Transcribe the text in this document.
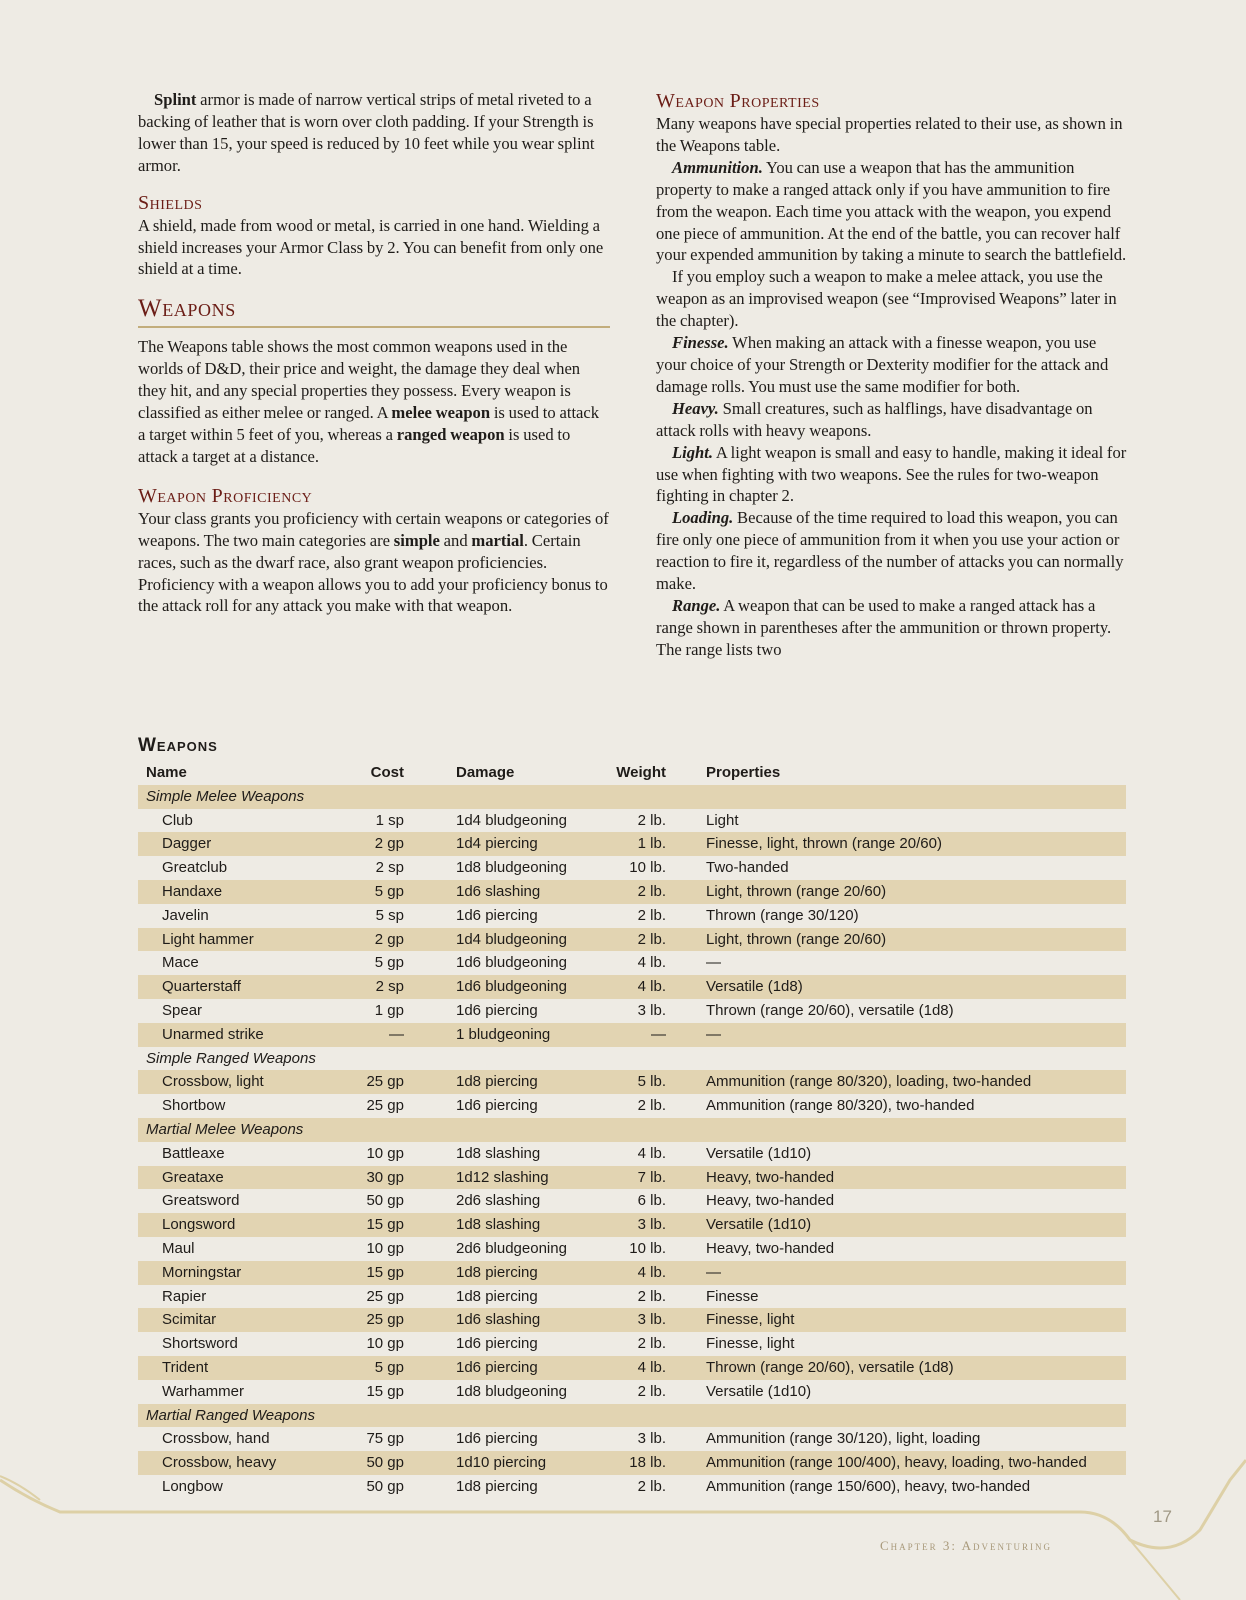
Splint armor is made of narrow vertical strips of metal riveted to a backing of leather that is worn over cloth padding. If your Strength is lower than 15, your speed is reduced by 10 feet while you wear splint armor.

Shields

A shield, made from wood or metal, is carried in one hand. Wielding a shield increases your Armor Class by 2. You can benefit from only one shield at a time.

Weapons

The Weapons table shows the most common weapons used in the worlds of D&D, their price and weight, the damage they deal when they hit, and any special properties they possess. Every weapon is classified as either melee or ranged. A melee weapon is used to attack a target within 5 feet of you, whereas a ranged weapon is used to attack a target at a distance.

Weapon Proficiency

Your class grants you proficiency with certain weapons or categories of weapons. The two main categories are simple and martial. Certain races, such as the dwarf race, also grant weapon proficiencies. Proficiency with a weapon allows you to add your proficiency bonus to the attack roll for any attack you make with that weapon.

Weapon Properties

Many weapons have special properties related to their use, as shown in the Weapons table.

Ammunition. You can use a weapon that has the ammunition property to make a ranged attack only if you have ammunition to fire from the weapon. Each time you attack with the weapon, you expend one piece of ammunition. At the end of the battle, you can recover half your expended ammunition by taking a minute to search the battlefield.

If you employ such a weapon to make a melee attack, you use the weapon as an improvised weapon (see “Improvised Weapons” later in the chapter).

Finesse. When making an attack with a finesse weapon, you use your choice of your Strength or Dexterity modifier for the attack and damage rolls. You must use the same modifier for both.

Heavy. Small creatures, such as halflings, have disadvantage on attack rolls with heavy weapons.

Light. A light weapon is small and easy to handle, making it ideal for use when fighting with two weapons. See the rules for two-weapon fighting in chapter 2.

Loading. Because of the time required to load this weapon, you can fire only one piece of ammunition from it when you use your action or reaction to fire it, regardless of the number of attacks you can normally make.

Range. A weapon that can be used to make a ranged attack has a range shown in parentheses after the ammunition or thrown property. The range lists two

Weapons
Name	Cost	Damage	Weight	Properties
Simple Melee Weapons
Club	1 sp	1d4 bludgeoning	2 lb.	Light
Dagger	2 gp	1d4 piercing	1 lb.	Finesse, light, thrown (range 20/60)
Greatclub	2 sp	1d8 bludgeoning	10 lb.	Two-handed
Handaxe	5 gp	1d6 slashing	2 lb.	Light, thrown (range 20/60)
Javelin	5 sp	1d6 piercing	2 lb.	Thrown (range 30/120)
Light hammer	2 gp	1d4 bludgeoning	2 lb.	Light, thrown (range 20/60)
Mace	5 gp	1d6 bludgeoning	4 lb.	—
Quarterstaff	2 sp	1d6 bludgeoning	4 lb.	Versatile (1d8)
Spear	1 gp	1d6 piercing	3 lb.	Thrown (range 20/60), versatile (1d8)
Unarmed strike	—	1 bludgeoning	—	—
Simple Ranged Weapons
Crossbow, light	25 gp	1d8 piercing	5 lb.	Ammunition (range 80/320), loading, two-handed
Shortbow	25 gp	1d6 piercing	2 lb.	Ammunition (range 80/320), two-handed
Martial Melee Weapons
Battleaxe	10 gp	1d8 slashing	4 lb.	Versatile (1d10)
Greataxe	30 gp	1d12 slashing	7 lb.	Heavy, two-handed
Greatsword	50 gp	2d6 slashing	6 lb.	Heavy, two-handed
Longsword	15 gp	1d8 slashing	3 lb.	Versatile (1d10)
Maul	10 gp	2d6 bludgeoning	10 lb.	Heavy, two-handed
Morningstar	15 gp	1d8 piercing	4 lb.	—
Rapier	25 gp	1d8 piercing	2 lb.	Finesse
Scimitar	25 gp	1d6 slashing	3 lb.	Finesse, light
Shortsword	10 gp	1d6 piercing	2 lb.	Finesse, light
Trident	5 gp	1d6 piercing	4 lb.	Thrown (range 20/60), versatile (1d8)
Warhammer	15 gp	1d8 bludgeoning	2 lb.	Versatile (1d10)
Martial Ranged Weapons
Crossbow, hand	75 gp	1d6 piercing	3 lb.	Ammunition (range 30/120), light, loading
Crossbow, heavy	50 gp	1d10 piercing	18 lb.	Ammunition (range 100/400), heavy, loading, two-handed
Longbow	50 gp	1d8 piercing	2 lb.	Ammunition (range 150/600), heavy, two-handed
17
Chapter 3: Adventuring
